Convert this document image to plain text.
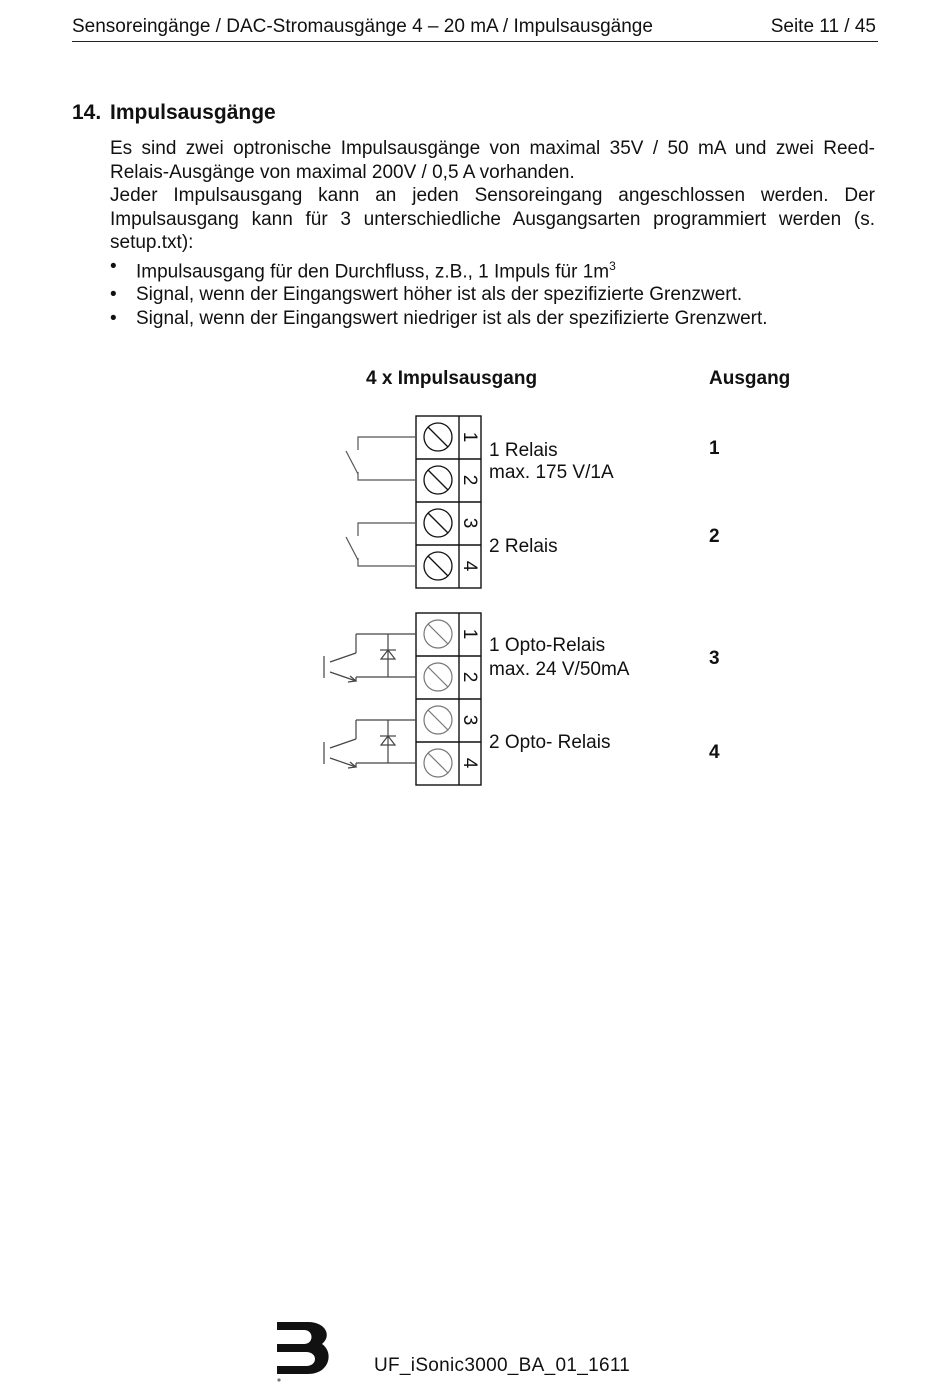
Sensoreingänge / DAC-Stromausgänge 4 – 20 mA / Impulsausgänge	Seite 11 / 45
14. Impulsausgänge

Es sind zwei optronische Impulsausgänge von maximal 35V / 50 mA und zwei Reed-Relais-Ausgänge von maximal 200V / 0,5 A vorhanden.

Jeder Impulsausgang kann an jeden Sensoreingang angeschlossen werden. Der Impulsausgang kann für 3 unterschiedliche Ausgangsarten programmiert werden (s. setup.txt):

• Impulsausgang für den Durchfluss, z.B., 1 Impuls für $1m^3$
• Signal, wenn der Eingangswert höher ist als der spezifizierte Grenzwert.
• Signal, wenn der Eingangswert niedriger ist als der spezifizierte Grenzwert.
4 x Impulsausgang	Ausgang
1
2
3
4
1 Relais
max. 175 V/1A
2 Relais
1
2
1
2
3
4
1 Opto-Relais
max. 24 V/50mA
2 Opto- Relais
3
4
UF_iSonic3000_BA_01_1611
